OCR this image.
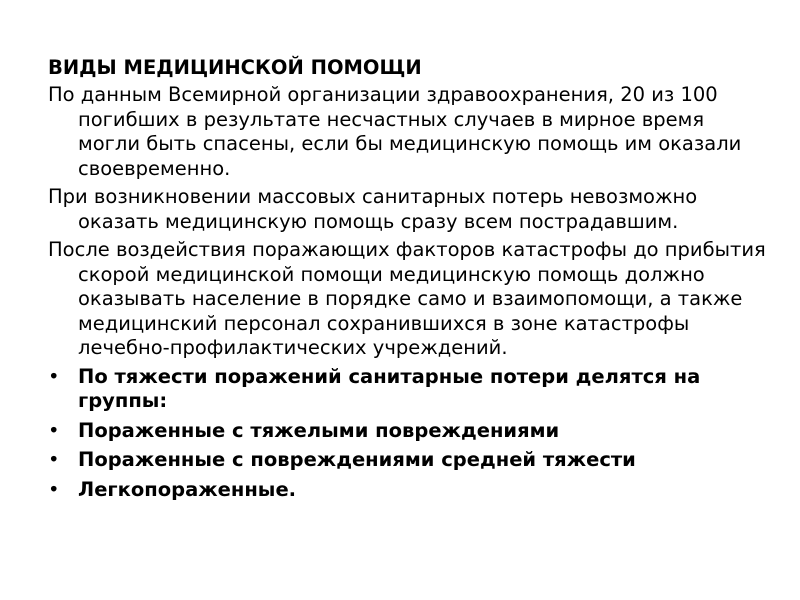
ВИДЫ МЕДИЦИНСКОЙ ПОМОЩИ

По данным Всемирной организации здравоохранения, 20 из 100 погибших в результате несчастных случаев в мирное время могли быть спасены, если бы медицинскую помощь им оказали своевременно.

При возникновении массовых санитарных потерь невозможно оказать медицинскую помощь сразу всем пострадавшим.

После воздействия поражающих факторов катастрофы до прибытия скорой медицинской помощи медицинскую помощь должно оказывать население в порядке само и взаимопомощи, а также медицинский персонал сохранившихся в зоне катастрофы лечебно-профилактических учреждений.

• По тяжести поражений санитарные потери делятся на группы:
• Пораженные с тяжелыми повреждениями
• Пораженные с повреждениями средней тяжести
• Легкопораженные.
